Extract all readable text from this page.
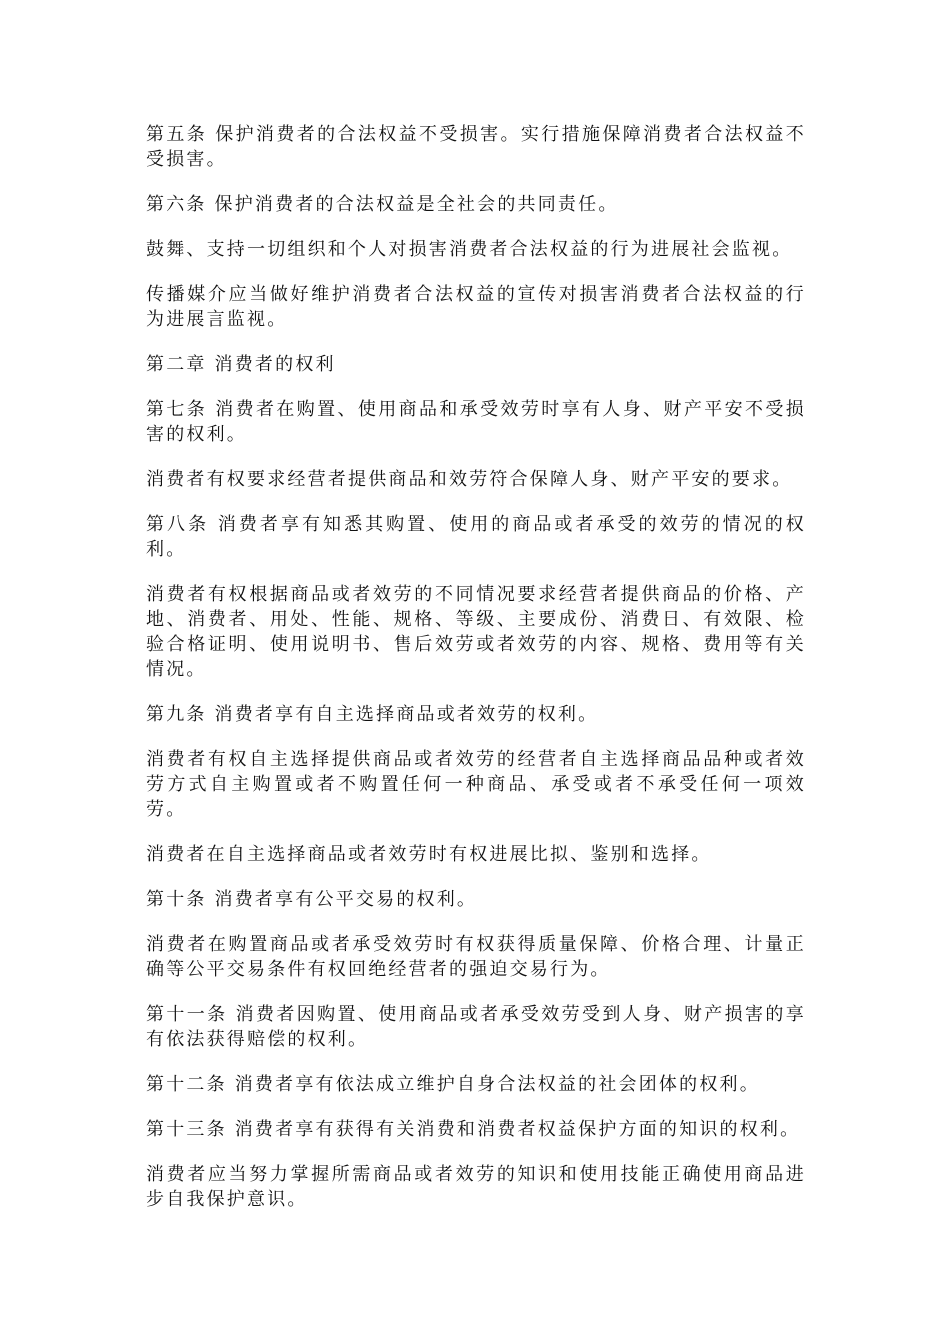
第五条 保护消费者的合法权益不受损害。实行措施保障消费者合法权益不受损害。

第六条 保护消费者的合法权益是全社会的共同责任。

鼓舞、支持一切组织和个人对损害消费者合法权益的行为进展社会监视。

传播媒介应当做好维护消费者合法权益的宣传对损害消费者合法权益的行为进展言监视。

第二章 消费者的权利

第七条 消费者在购置、使用商品和承受效劳时享有人身、财产平安不受损害的权利。

消费者有权要求经营者提供商品和效劳符合保障人身、财产平安的要求。

第八条 消费者享有知悉其购置、使用的商品或者承受的效劳的情况的权利。

消费者有权根据商品或者效劳的不同情况要求经营者提供商品的价格、产地、消费者、用处、性能、规格、等级、主要成份、消费日、有效限、检验合格证明、使用说明书、售后效劳或者效劳的内容、规格、费用等有关情况。

第九条 消费者享有自主选择商品或者效劳的权利。

消费者有权自主选择提供商品或者效劳的经营者自主选择商品品种或者效劳方式自主购置或者不购置任何一种商品、承受或者不承受任何一项效劳。

消费者在自主选择商品或者效劳时有权进展比拟、鉴别和选择。

第十条 消费者享有公平交易的权利。

消费者在购置商品或者承受效劳时有权获得质量保障、价格合理、计量正确等公平交易条件有权回绝经营者的强迫交易行为。

第十一条 消费者因购置、使用商品或者承受效劳受到人身、财产损害的享有依法获得赔偿的权利。

第十二条 消费者享有依法成立维护自身合法权益的社会团体的权利。

第十三条 消费者享有获得有关消费和消费者权益保护方面的知识的权利。

消费者应当努力掌握所需商品或者效劳的知识和使用技能正确使用商品进步自我保护意识。
